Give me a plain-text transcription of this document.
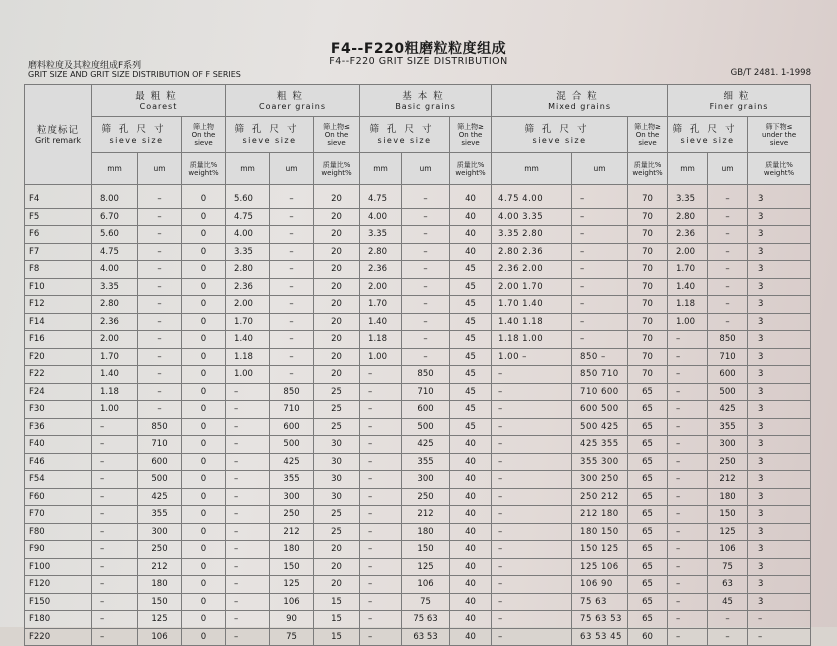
F4--F220粗磨粒粒度组成
F4--F220 GRIT SIZE DISTRIBUTION
磨料粒度及其粒度组成F系列
GRIT SIZE AND GRIT SIZE DISTRIBUTION OF F SERIES	GB/T 2481. 1-1998
粒度标记
Grit remark	最粗粒
Coarest			粗粒
Coarer grains			基本粒
Basic grains			混合粒
Mixed grains			细粒
Finer grains		

	筛孔尺寸
sieve size		筛上物
On the
sieve	筛孔尺寸
sieve size		筛上物≤
On the
sieve	筛孔尺寸
sieve size		筛上物≥
On the
sieve	筛孔尺寸
sieve size		筛上物≥
On the
sieve	筛孔尺寸
sieve size		筛下物≤
under the
sieve

	mm	um	质量比%
weight%	mm	um	质量比%
weight%	mm	um	质量比%
weight%	mm	um	质量比%
weight%	mm	um	质量比%
weight%

F4	8.00	–	0	5.60	–	20	4.75	–	40	4.75 4.00	–	70	3.35	–	3
F5	6.70	–	0	4.75	–	20	4.00	–	40	4.00 3.35	–	70	2.80	–	3
F6	5.60	–	0	4.00	–	20	3.35	–	40	3.35 2.80	–	70	2.36	–	3
F7	4.75	–	0	3.35	–	20	2.80	–	40	2.80 2.36	–	70	2.00	–	3
F8	4.00	–	0	2.80	–	20	2.36	–	45	2.36 2.00	–	70	1.70	–	3
F10	3.35	–	0	2.36	–	20	2.00	–	45	2.00 1.70	–	70	1.40	–	3
F12	2.80	–	0	2.00	–	20	1.70	–	45	1.70 1.40	–	70	1.18	–	3
F14	2.36	–	0	1.70	–	20	1.40	–	45	1.40 1.18	–	70	1.00	–	3
F16	2.00	–	0	1.40	–	20	1.18	–	45	1.18 1.00	–	70	–	850	3
F20	1.70	–	0	1.18	–	20	1.00	–	45	1.00 –	850 –	70	–	710	3
F22	1.40	–	0	1.00	–	20	–	850	45	–	850 710	70	–	600	3
F24	1.18	–	0	–	850	25	–	710	45	–	710 600	65	–	500	3
F30	1.00	–	0	–	710	25	–	600	45	–	600 500	65	–	425	3
F36	–	850	0	–	600	25	–	500	45	–	500 425	65	–	355	3
F40	–	710	0	–	500	30	–	425	40	–	425 355	65	–	300	3
F46	–	600	0	–	425	30	–	355	40	–	355 300	65	–	250	3
F54	–	500	0	–	355	30	–	300	40	–	300 250	65	–	212	3
F60	–	425	0	–	300	30	–	250	40	–	250 212	65	–	180	3
F70	–	355	0	–	250	25	–	212	40	–	212 180	65	–	150	3
F80	–	300	0	–	212	25	–	180	40	–	180 150	65	–	125	3
F90	–	250	0	–	180	20	–	150	40	–	150 125	65	–	106	3
F100	–	212	0	–	150	20	–	125	40	–	125 106	65	–	75	3
F120	–	180	0	–	125	20	–	106	40	–	106 90	65	–	63	3
F150	–	150	0	–	106	15	–	75	40	–	75 63	65	–	45	3
F180	–	125	0	–	90	15	–	75 63	40	–	75 63 53	65	–	–	–
F220	–	106	0	–	75	15	–	63 53	40	–	63 53 45	60	–	–	–
